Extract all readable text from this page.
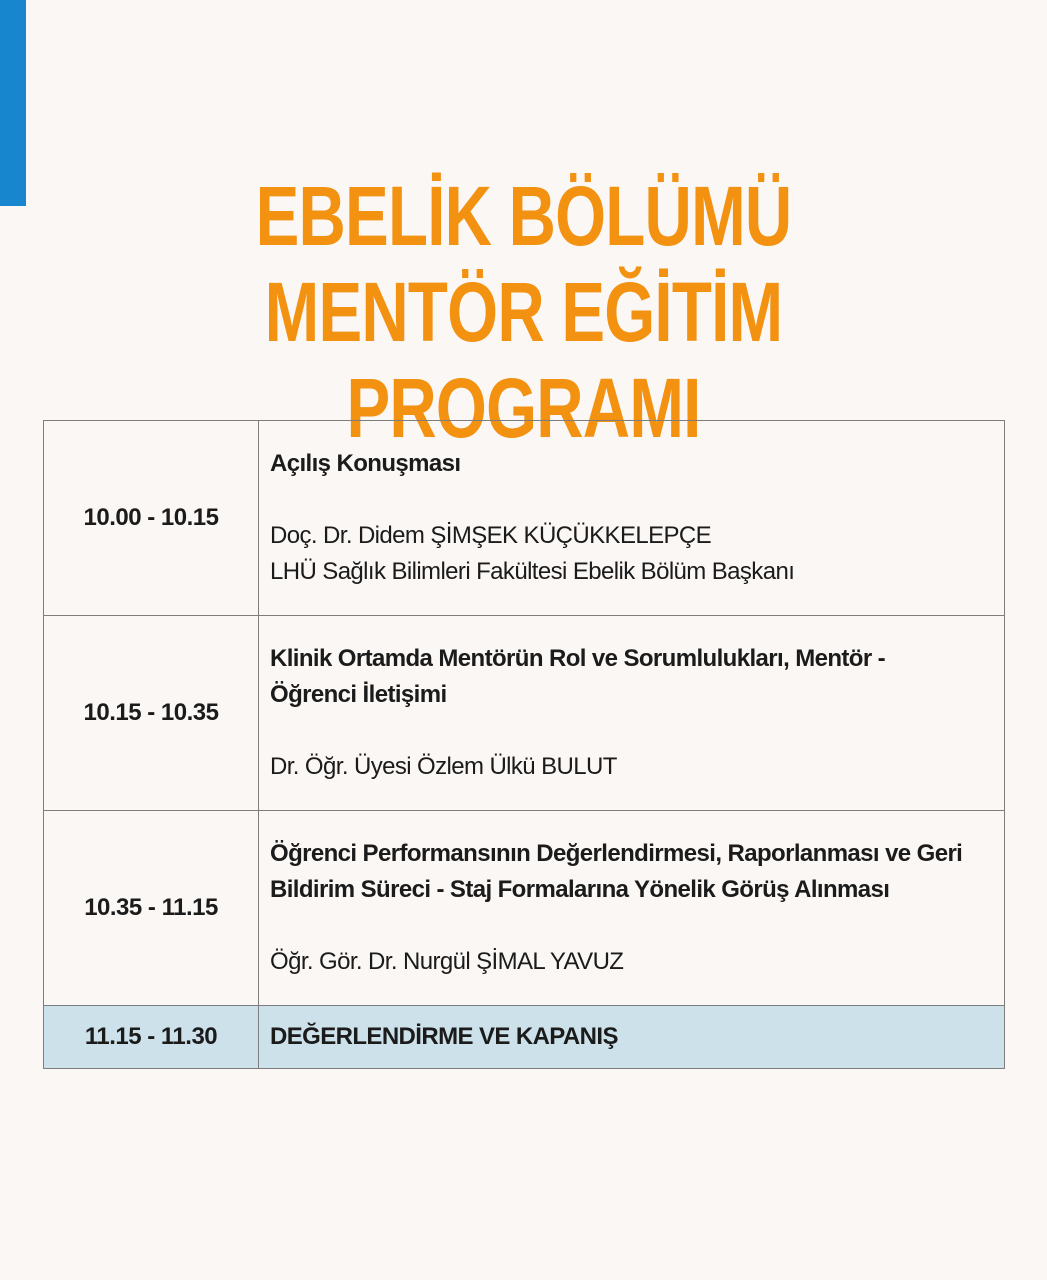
EBELİK BÖLÜMÜ
MENTÖR EĞİTİM PROGRAMI
10.00 - 10.15	Açılış Konuşması

Doç. Dr. Didem ŞİMŞEK KÜÇÜKKELEPÇE

LHÜ Sağlık Bilimleri Fakültesi Ebelik Bölüm Başkanı

10.15 - 10.35	Klinik Ortamda Mentörün Rol ve Sorumlulukları, Mentör - Öğrenci İletişimi

Dr. Öğr. Üyesi Özlem Ülkü BULUT

10.35 - 11.15	Öğrenci Performansının Değerlendirmesi, Raporlanması ve Geri Bildirim Süreci - Staj Formalarına Yönelik Görüş Alınması

Öğr. Gör. Dr. Nurgül ŞİMAL YAVUZ

11.15 - 11.30	DEĞERLENDİRME VE KAPANIŞ
